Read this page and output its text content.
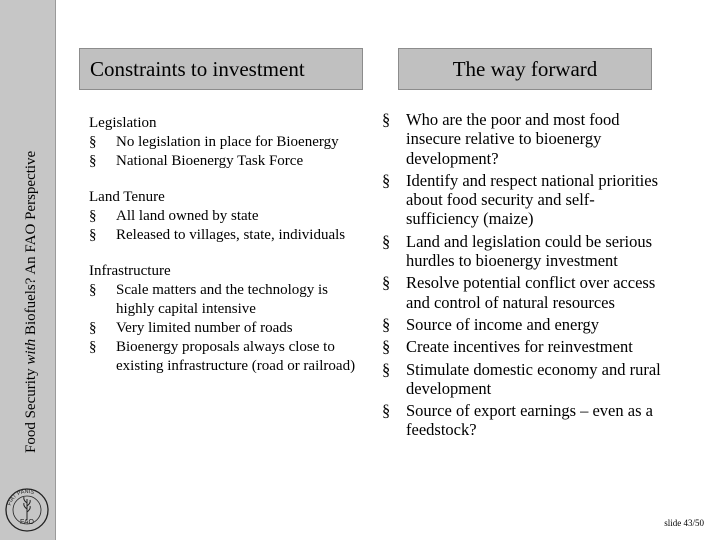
Food Security with Biofuels? An FAO Perspective
FIAT PANIS
FAO
Constraints to investment	The way forward
Legislation
§ No legislation in place for Bioenergy
§ National Bioenergy Task Force
Land Tenure
§ All land owned by state
§ Released to villages, state, individuals
Infrastructure
§ Scale matters and the technology is highly capital intensive
§ Very limited number of roads
§ Bioenergy proposals always close to existing infrastructure (road or railroad)
§ Who are the poor and most food insecure relative to bioenergy development?
§ Identify and respect national priorities about food security and self-sufficiency (maize)
§ Land and legislation could be serious hurdles to bioenergy investment
§ Resolve potential conflict over access and control of natural resources
§ Source of income and energy
§ Create incentives for reinvestment
§ Stimulate domestic economy and rural development
§ Source of export earnings – even as a feedstock?
slide 43/50
